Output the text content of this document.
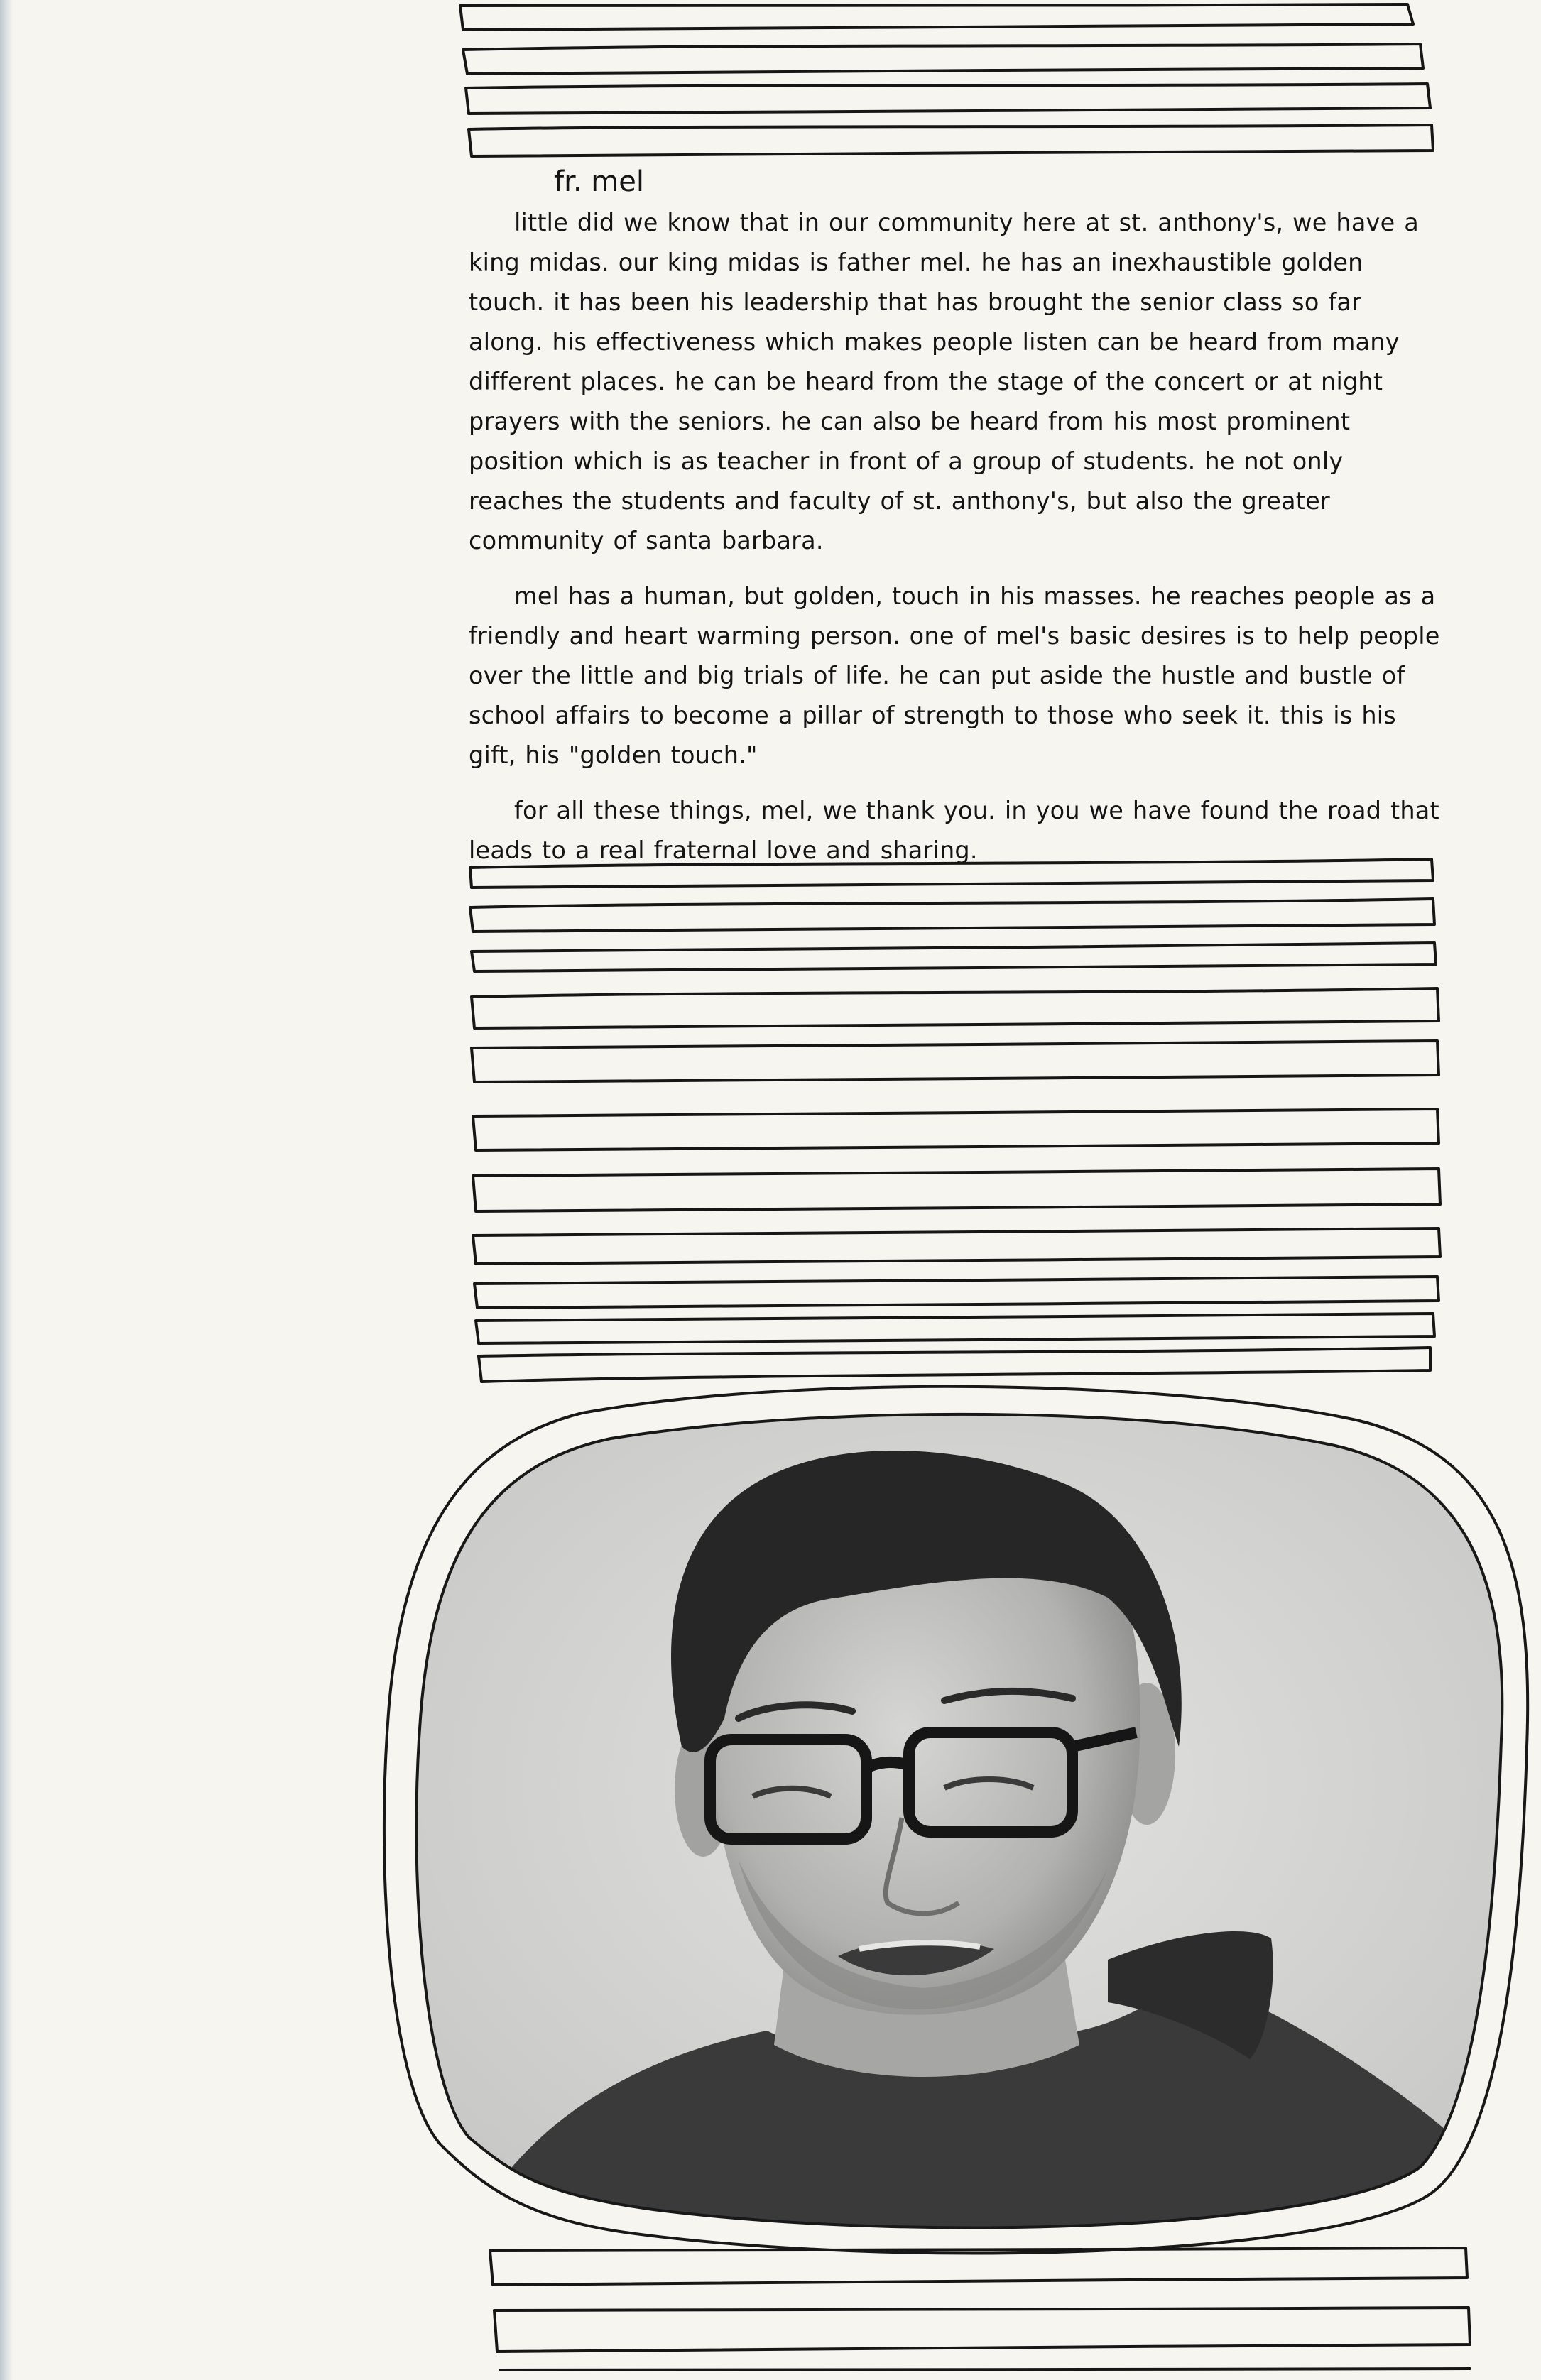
fr. mel

little did we know that in our community here at st. anthony's, we have a king midas. our king midas is father mel. he has an inexhaustible golden touch. it has been his leadership that has brought the senior class so far along. his effectiveness which makes people listen can be heard from many different places. he can be heard from the stage of the concert or at night prayers with the seniors. he can also be heard from his most prominent position which is as teacher in front of a group of students. he not only reaches the students and faculty of st. anthony's, but also the greater community of santa barbara.

mel has a human, but golden, touch in his masses. he reaches people as a friendly and heart warming person. one of mel's basic desires is to help people over the little and big trials of life. he can put aside the hustle and bustle of school affairs to become a pillar of strength to those who seek it. this is his gift, his "golden touch."

for all these things, mel, we thank you. in you we have found the road that leads to a real fraternal love and sharing.
